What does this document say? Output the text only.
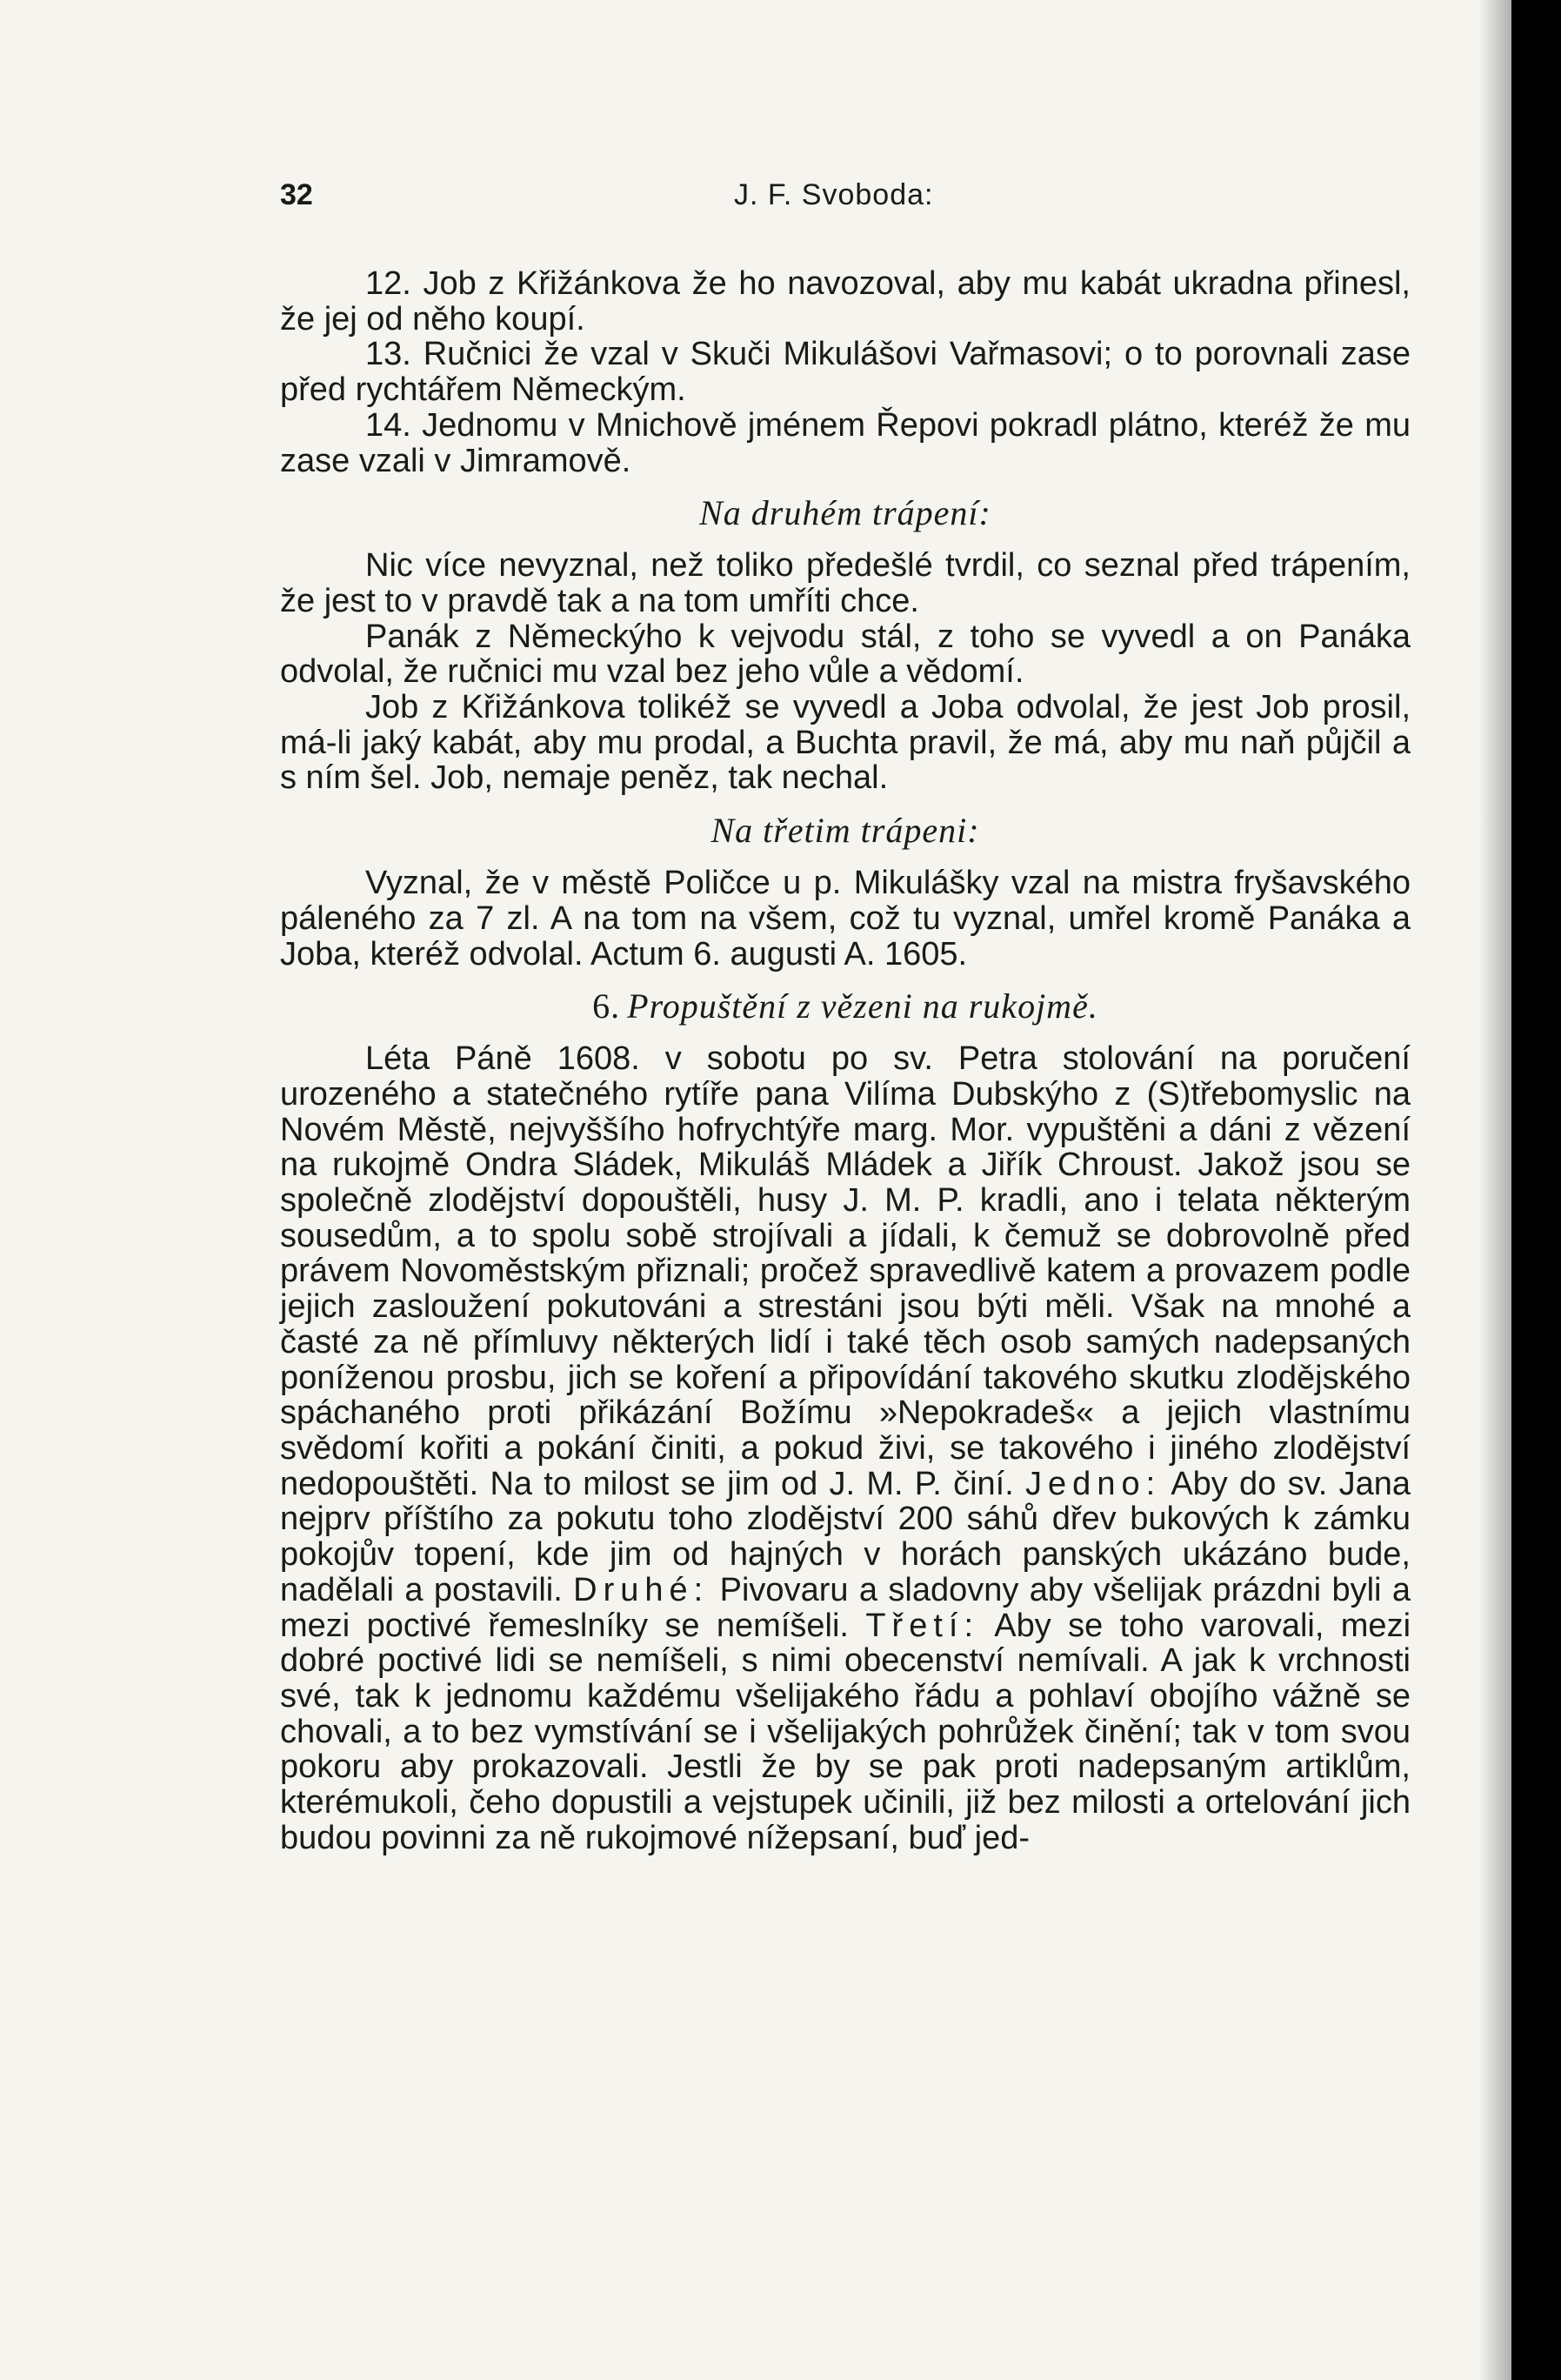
32	J. F. Svoboda:

12. Job z Křižánkova že ho navozoval, aby mu kabát ukradna přinesl, že jej od něho koupí.

13. Ručnici že vzal v Skuči Mikulášovi Vařmasovi; o to porovnali zase před rychtářem Německým.

14. Jednomu v Mnichově jménem Řepovi pokradl plátno, kteréž že mu zase vzali v Jimramově.

Na druhém trápení:

Nic více nevyznal, než toliko předešlé tvrdil, co seznal před trápením, že jest to v pravdě tak a na tom umříti chce.

Panák z Německýho k vejvodu stál, z toho se vyvedl a on Panáka odvolal, že ručnici mu vzal bez jeho vůle a vědomí.

Job z Křižánkova tolikéž se vyvedl a Joba odvolal, že jest Job prosil, má-li jaký kabát, aby mu prodal, a Buchta pravil, že má, aby mu naň půjčil a s ním šel. Job, nemaje peněz, tak nechal.

Na třetim trápeni:

Vyznal, že v městě Poličce u p. Mikulášky vzal na mistra fryšavského páleného za 7 zl. A na tom na všem, což tu vyznal, umřel kromě Panáka a Joba, kteréž odvolal. Actum 6. augusti A. 1605.

6. Propuštění z vězeni na rukojmě.

Léta Páně 1608. v sobotu po sv. Petra stolování na poručení urozeného a statečného rytíře pana Vilíma Dubskýho z (S)třebomyslic na Novém Městě, nejvyššího hofrychtýře marg. Mor. vypuštěni a dáni z vězení na rukojmě Ondra Sládek, Mikuláš Mládek a Jiřík Chroust. Jakož jsou se společně zlodějství dopouštěli, husy J. M. P. kradli, ano i telata některým sousedům, a to spolu sobě strojívali a jídali, k čemuž se dobrovolně před právem Novoměstským přiznali; pročež spravedlivě katem a provazem podle jejich zasloužení pokutováni a strestáni jsou býti měli. Však na mnohé a časté za ně přímluvy některých lidí i také těch osob samých nadepsaných poníženou prosbu, jich se koření a připovídání takového skutku zlodějského spáchaného proti přikázání Božímu »Nepokradeš« a jejich vlastnímu svědomí kořiti a pokání činiti, a pokud živi, se takového i jiného zlodějství nedopouštěti. Na to milost se jim od J. M. P. činí. Jedno: Aby do sv. Jana nejprv příštího za pokutu toho zlodějství 200 sáhů dřev bukových k zámku pokojův topení, kde jim od hajných v horách panských ukázáno bude, nadělali a postavili. Druhé: Pivovaru a sladovny aby všelijak prázdni byli a mezi poctivé řemeslníky se nemíšeli. Třetí: Aby se toho varovali, mezi dobré poctivé lidi se nemíšeli, s nimi obecenství nemívali. A jak k vrchnosti své, tak k jednomu každému všelijakého řádu a pohlaví obojího vážně se chovali, a to bez vymstívání se i všelijakých pohrůžek činění; tak v tom svou pokoru aby prokazovali. Jestli že by se pak proti nadepsaným artiklům, kterémukoli, čeho dopustili a vejstupek učinili, již bez milosti a ortelování jich budou povinni za ně rukojmové nížepsaní, buď jed-
